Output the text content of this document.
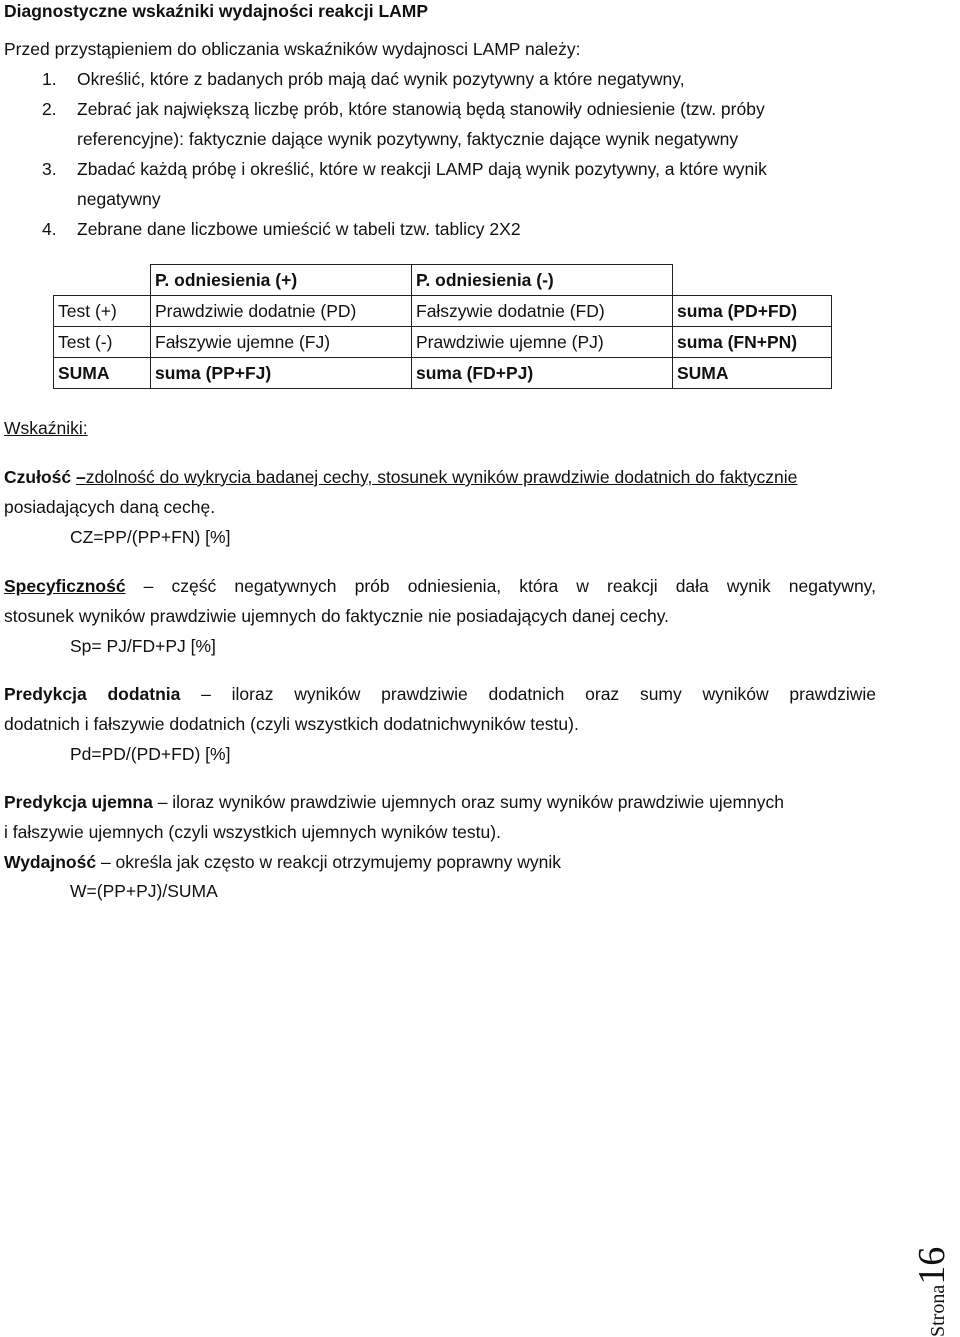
Diagnostyczne wskaźniki wydajności reakcji LAMP
Przed przystąpieniem do obliczania wskaźników wydajnosci LAMP należy:
1. Określić, które z badanych prób mają dać wynik pozytywny a które negatywny,
2. Zebrać jak największą liczbę prób, które stanowią będą stanowiły odniesienie (tzw. próby
referencyjne): faktycznie dające wynik pozytywny, faktycznie dające wynik negatywny
3. Zbadać każdą próbę i określić, które w reakcji LAMP dają wynik pozytywny, a które wynik
negatywny
4. Zebrane dane liczbowe umieścić w tabeli tzw. tablicy 2X2
	P. odniesienia (+)	P. odniesienia (-)	
Test (+)	Prawdziwie dodatnie (PD)	Fałszywie dodatnie (FD)	suma (PD+FD)
Test (-)	Fałszywie ujemne (FJ)	Prawdziwie ujemne (PJ)	suma (FN+PN)
SUMA	suma (PP+FJ)	suma (FD+PJ)	SUMA
Wskaźniki:
Czułość –zdolność do wykrycia badanej cechy, stosunek wyników prawdziwie dodatnich do faktycznie
posiadających daną cechę.
CZ=PP/(PP+FN) [%]
Specyficzność – część negatywnych prób odniesienia, która w reakcji dała wynik negatywny,
stosunek wyników prawdziwie ujemnych do faktycznie nie posiadających danej cechy.
Sp= PJ/FD+PJ [%]
Predykcja dodatnia – iloraz wyników prawdziwie dodatnich oraz sumy wyników prawdziwie
dodatnich i fałszywie dodatnich (czyli wszystkich dodatnichwyników testu).
Pd=PD/(PD+FD) [%]
Predykcja ujemna – iloraz wyników prawdziwie ujemnych oraz sumy wyników prawdziwie ujemnych
i fałszywie ujemnych (czyli wszystkich ujemnych wyników testu).
Wydajność – określa jak często w reakcji otrzymujemy poprawny wynik
W=(PP+PJ)/SUMA
Strona16
